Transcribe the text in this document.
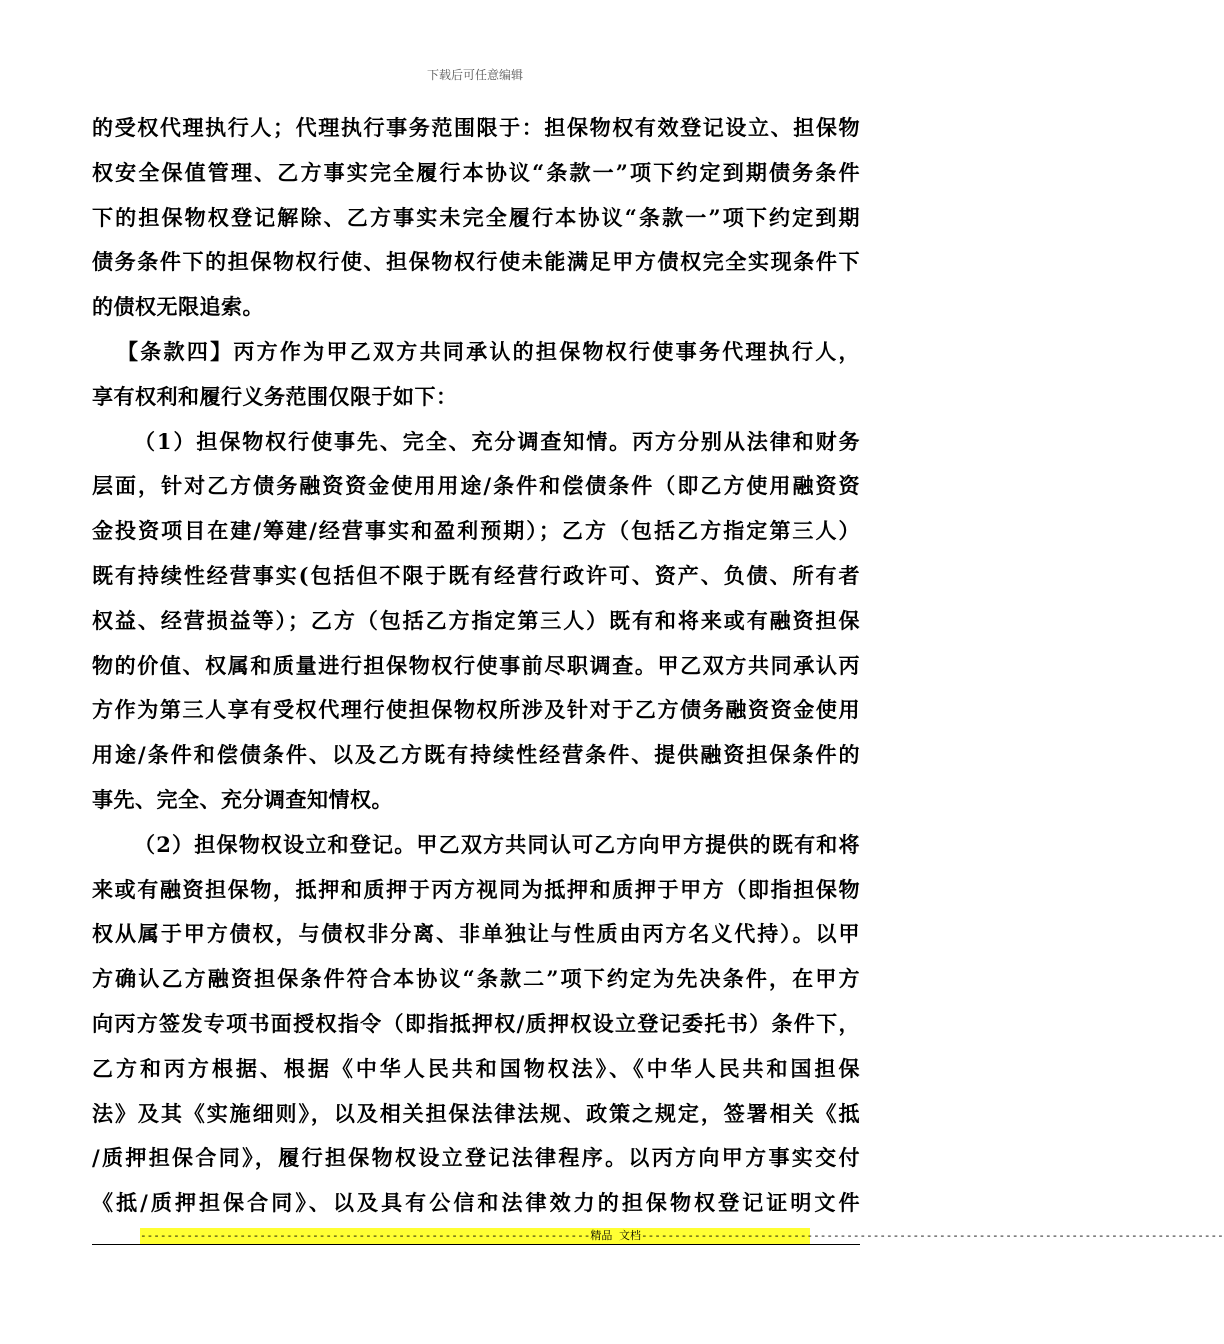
下载后可任意编辑
的受权代理执行人；代理执行事务范围限于：担保物权有效登记设立、担保物
权安全保值管理、乙方事实完全履行本协议“条款一”项下约定到期债务条件
下的担保物权登记解除、乙方事实未完全履行本协议“条款一”项下约定到期
债务条件下的担保物权行使、担保物权行使未能满足甲方债权完全实现条件下
的债权无限追索。
【条款四】丙方作为甲乙双方共同承认的担保物权行使事务代理执行人，
享有权利和履行义务范围仅限于如下：
（1）担保物权行使事先、完全、充分调查知情。丙方分别从法律和财务
层面，针对乙方债务融资资金使用用途/条件和偿债条件（即乙方使用融资资
金投资项目在建/筹建/经营事实和盈利预期）；乙方（包括乙方指定第三人）
既有持续性经营事实(包括但不限于既有经营行政许可、资产、负债、所有者
权益、经营损益等）；乙方（包括乙方指定第三人）既有和将来或有融资担保
物的价值、权属和质量进行担保物权行使事前尽职调查。甲乙双方共同承认丙
方作为第三人享有受权代理行使担保物权所涉及针对于乙方债务融资资金使用
用途/条件和偿债条件、以及乙方既有持续性经营条件、提供融资担保条件的
事先、完全、充分调查知情权。
（2）担保物权设立和登记。甲乙双方共同认可乙方向甲方提供的既有和将
来或有融资担保物，抵押和质押于丙方视同为抵押和质押于甲方（即指担保物
权从属于甲方债权，与债权非分离、非单独让与性质由丙方名义代持）。以甲
方确认乙方融资担保条件符合本协议“条款二”项下约定为先决条件，在甲方
向丙方签发专项书面授权指令（即指抵押权/质押权设立登记委托书）条件下，
乙方和丙方根据、根据《中华人民共和国物权法》、《中华人民共和国担保
法》及其《实施细则》，以及相关担保法律法规、政策之规定，签署相关《抵
/质押担保合同》，履行担保物权设立登记法律程序。以丙方向甲方事实交付
《抵/质押担保合同》、以及具有公信和法律效力的担保物权登记证明文件
--------------------------------------------------------------------精品 文档----------------------------------------------------------------------------------------
